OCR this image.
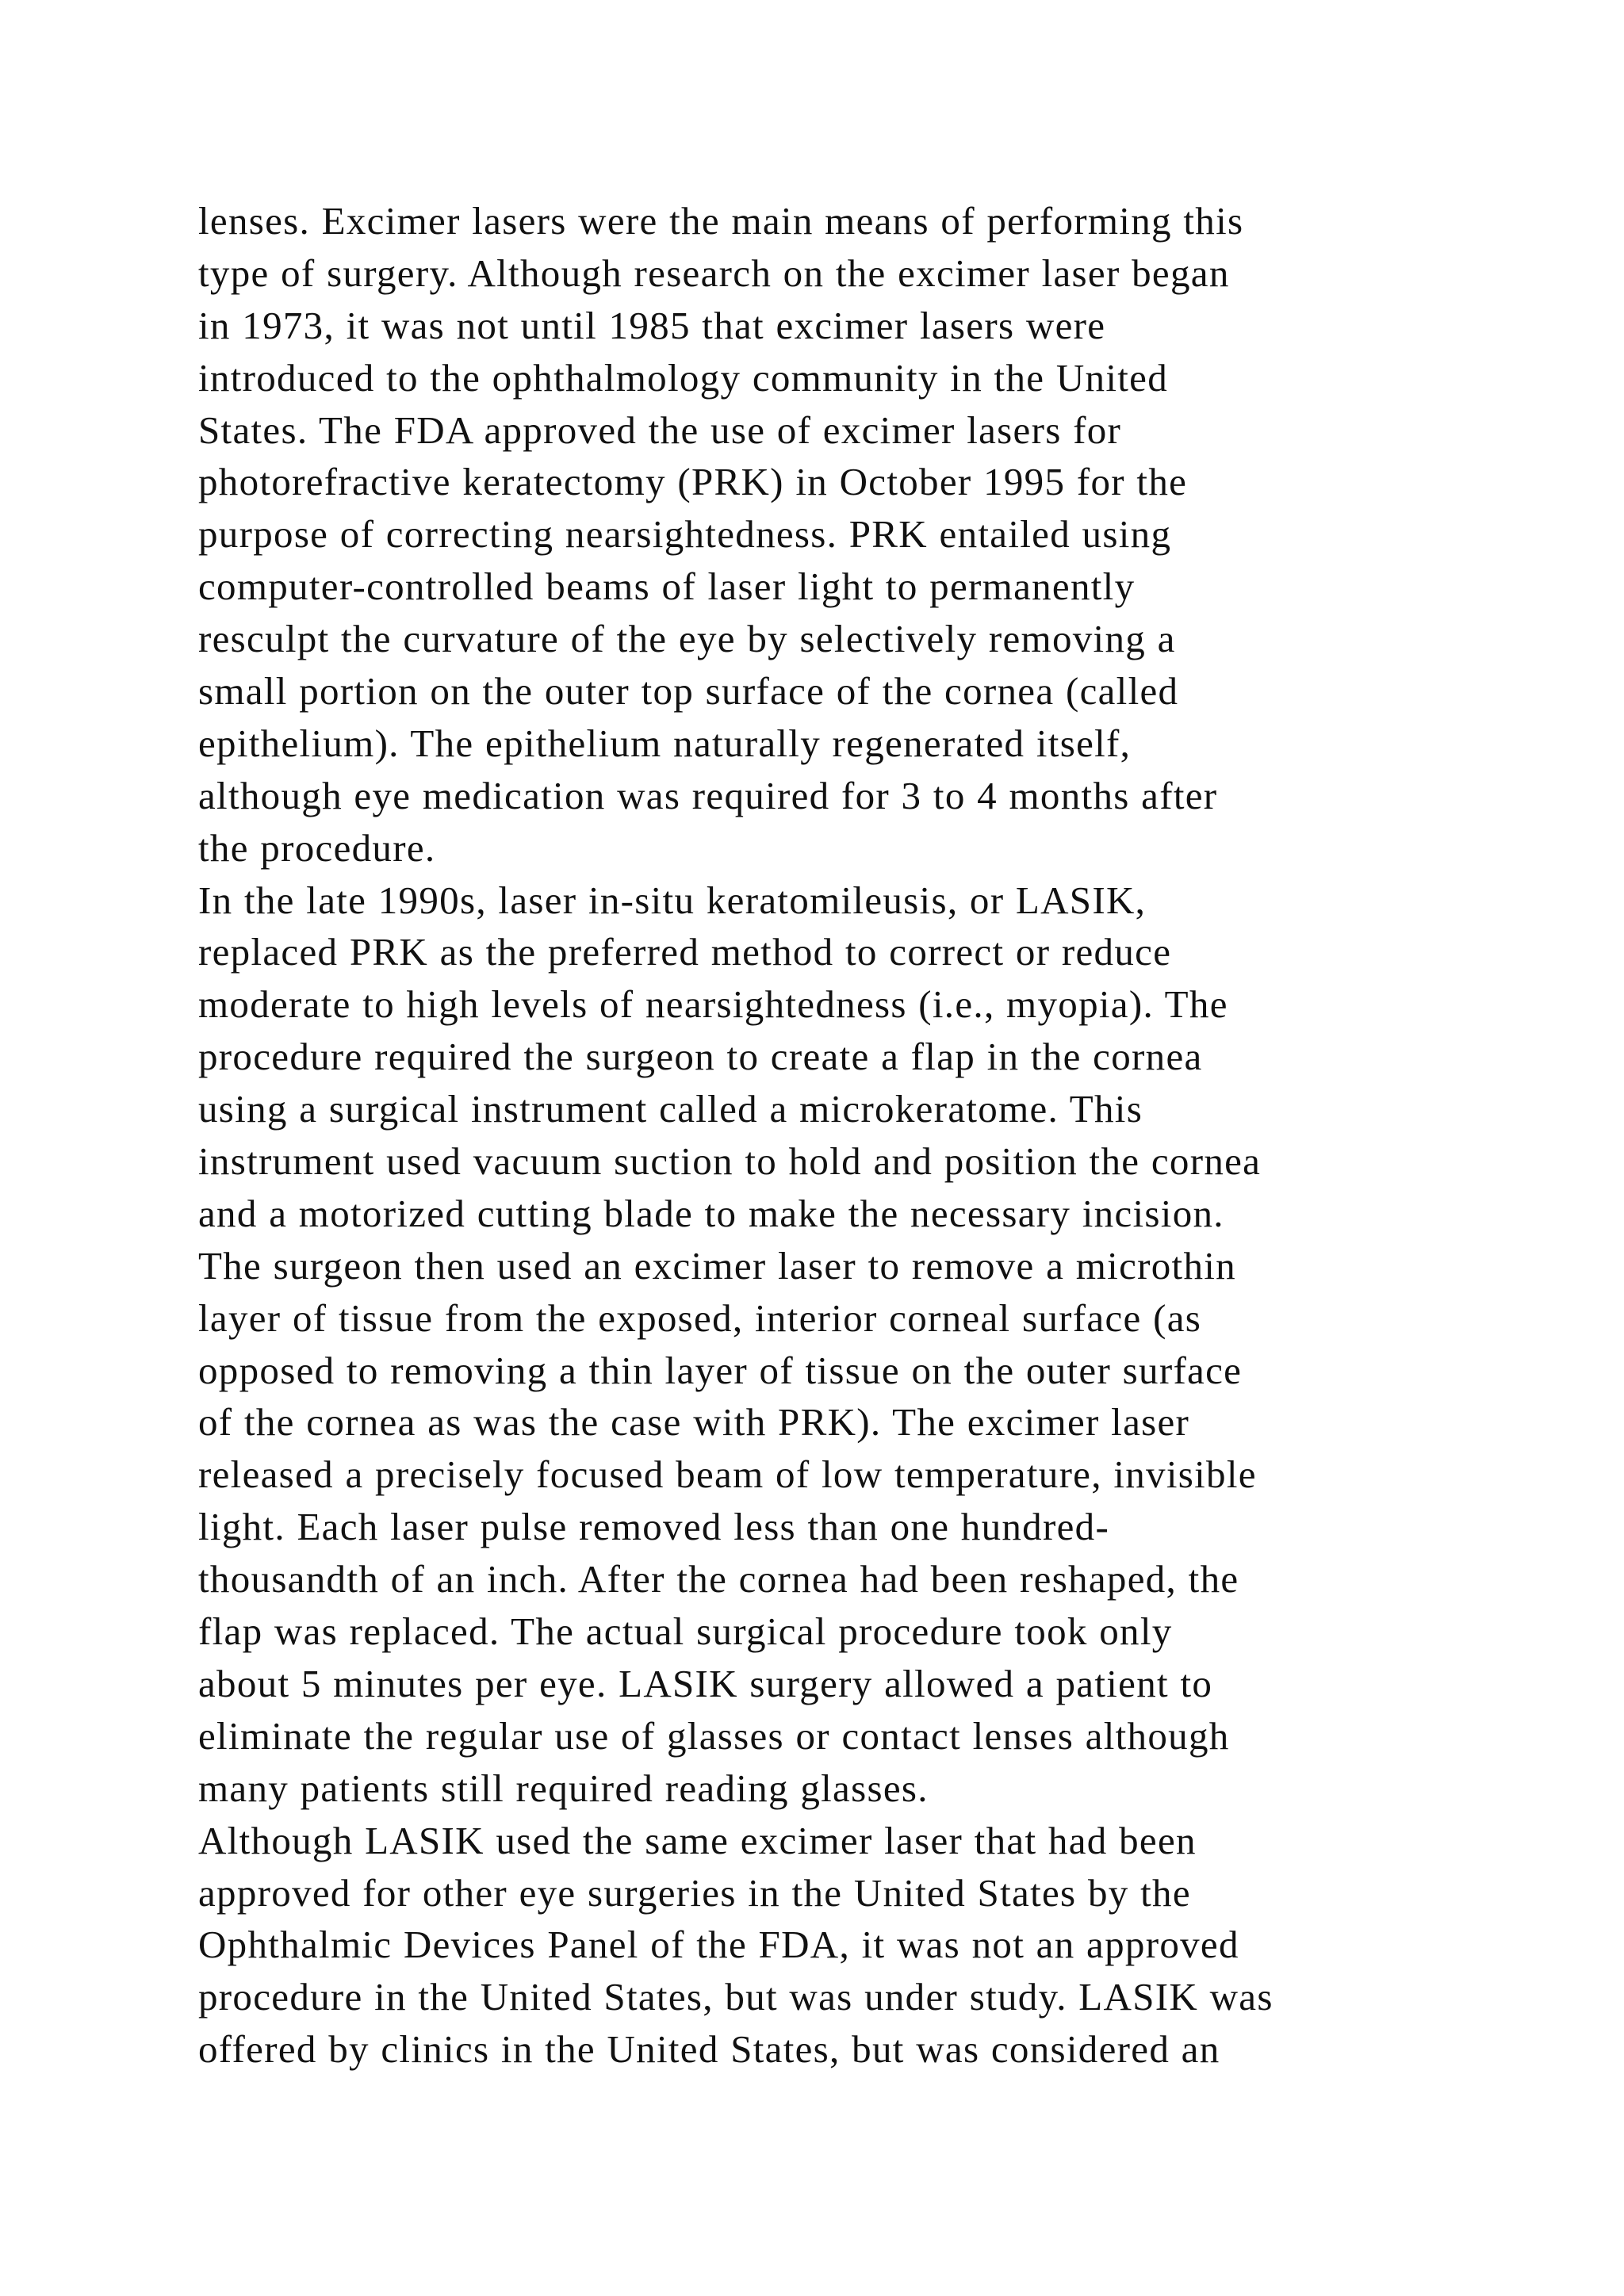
lenses. Excimer lasers were the main means of performing this
type of surgery. Although research on the excimer laser began
in 1973, it was not until 1985 that excimer lasers were
introduced to the ophthalmology community in the United
States. The FDA approved the use of excimer lasers for
photorefractive keratectomy (PRK) in October 1995 for the
purpose of correcting nearsightedness. PRK entailed using
computer-controlled beams of laser light to permanently
resculpt the curvature of the eye by selectively removing a
small portion on the outer top surface of the cornea (called
epithelium). The epithelium naturally regenerated itself,
although eye medication was required for 3 to 4 months after
the procedure.
In the late 1990s, laser in-situ keratomileusis, or LASIK,
replaced PRK as the preferred method to correct or reduce
moderate to high levels of nearsightedness (i.e., myopia). The
procedure required the surgeon to create a flap in the cornea
using a surgical instrument called a microkeratome. This
instrument used vacuum suction to hold and position the cornea
and a motorized cutting blade to make the necessary incision.
The surgeon then used an excimer laser to remove a microthin
layer of tissue from the exposed, interior corneal surface (as
opposed to removing a thin layer of tissue on the outer surface
of the cornea as was the case with PRK). The excimer laser
released a precisely focused beam of low temperature, invisible
light. Each laser pulse removed less than one hundred-
thousandth of an inch. After the cornea had been reshaped, the
flap was replaced. The actual surgical procedure took only
about 5 minutes per eye. LASIK surgery allowed a patient to
eliminate the regular use of glasses or contact lenses although
many patients still required reading glasses.
Although LASIK used the same excimer laser that had been
approved for other eye surgeries in the United States by the
Ophthalmic Devices Panel of the FDA, it was not an approved
procedure in the United States, but was under study. LASIK was
offered by clinics in the United States, but was considered an
